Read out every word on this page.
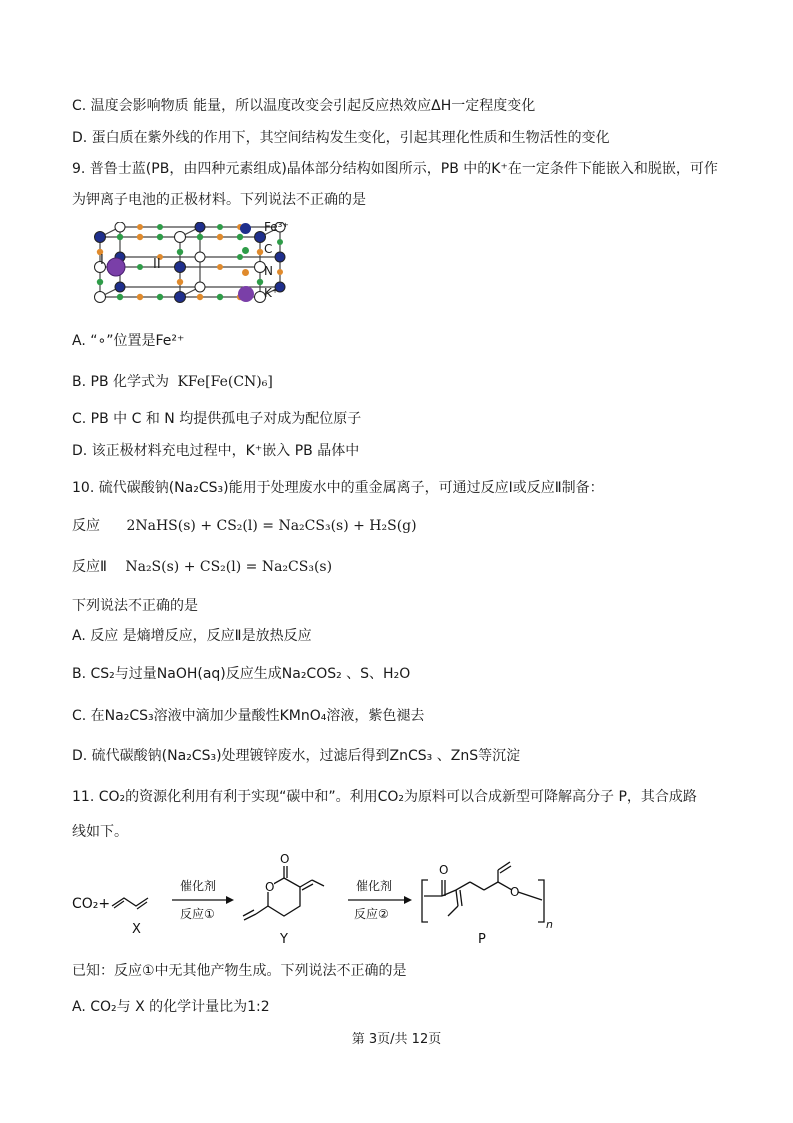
C. 温度会影响物质 能量，所以温度改变会引起反应热效应ΔH一定程度变化
D. 蛋白质在紫外线的作用下，其空间结构发生变化，引起其理化性质和生物活性的变化
9. 普鲁士蓝(PB，由四种元素组成)晶体部分结构如图所示，PB 中的K⁺在一定条件下能嵌入和脱嵌，可作
为钾离子电池的正极材料。下列说法不正确的是
I	II
Fe³⁺
C
N
K⁺
A. “∘”位置是Fe²⁺
B. PB 化学式为 KFe[Fe(CN)₆]
C. PB 中 C 和 N 均提供孤电子对成为配位原子
D. 该正极材料充电过程中，K⁺嵌入 PB 晶体中
10. 硫代碳酸钠(Na₂CS₃)能用于处理废水中的重金属离子，可通过反应Ⅰ或反应Ⅱ制备：
反应 2NaHS(s) + CS₂(l) = Na₂CS₃(s) + H₂S(g)
反应Ⅱ Na₂S(s) + CS₂(l) = Na₂CS₃(s)
下列说法不正确的是
A. 反应 是熵增反应，反应Ⅱ是放热反应
B. CS₂与过量NaOH(aq)反应生成Na₂COS₂ 、S、H₂O
C. 在Na₂CS₃溶液中滴加少量酸性KMnO₄溶液，紫色褪去
D. 硫代碳酸钠(Na₂CS₃)处理镀锌废水，过滤后得到ZnCS₃ 、ZnS等沉淀
11. CO₂的资源化利用有利于实现“碳中和”。利用CO₂为原料可以合成新型可降解高分子 P，其合成路
线如下。
CO₂+
X
催化剂
反应①
O
O
Y
催化剂
反应②
O
O
n
P
已知：反应①中无其他产物生成。下列说法不正确的是
A. CO₂与 X 的化学计量比为1:2
第 3页/共 12页
